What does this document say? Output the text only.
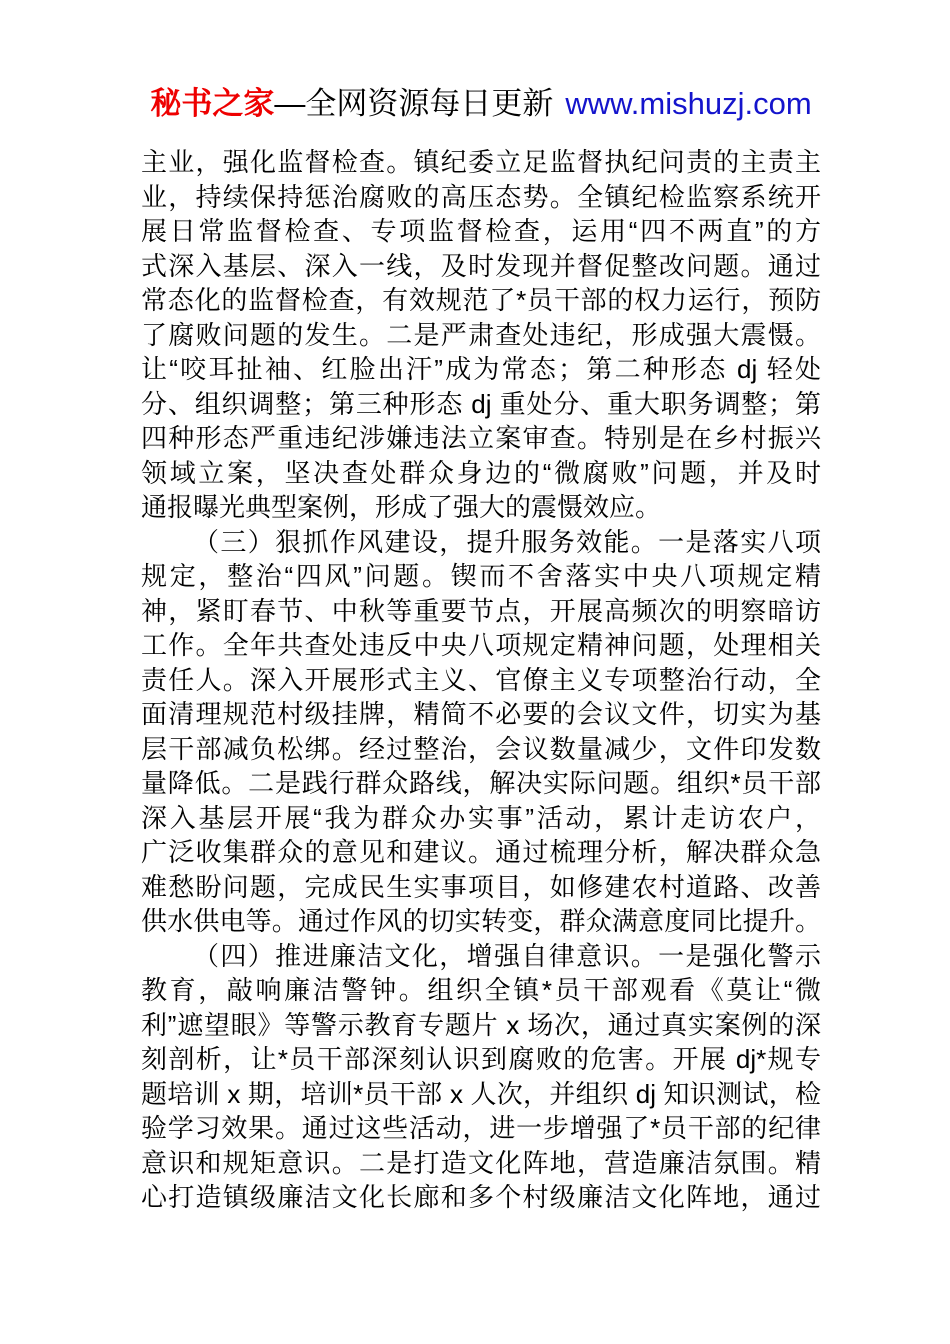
秘书之家—全网资源每日更新 www.mishuzj.com
主业，强化监督检查。镇纪委立足监督执纪问责的主责主
业，持续保持惩治腐败的高压态势。全镇纪检监察系统开
展日常监督检查、专项监督检查，运用“四不两直”的方
式深入基层、深入一线，及时发现并督促整改问题。通过
常态化的监督检查，有效规范了*员干部的权力运行，预防
了腐败问题的发生。二是严肃查处违纪，形成强大震慑。
让“咬耳扯袖、红脸出汗”成为常态；第二种形态 dj 轻处
分、组织调整；第三种形态 dj 重处分、重大职务调整；第
四种形态严重违纪涉嫌违法立案审查。特别是在乡村振兴
领域立案，坚决查处群众身边的“微腐败”问题，并及时
通报曝光典型案例，形成了强大的震慑效应。
（三）狠抓作风建设，提升服务效能。一是落实八项
规定，整治“四风”问题。锲而不舍落实中央八项规定精
神，紧盯春节、中秋等重要节点，开展高频次的明察暗访
工作。全年共查处违反中央八项规定精神问题，处理相关
责任人。深入开展形式主义、官僚主义专项整治行动，全
面清理规范村级挂牌，精简不必要的会议文件，切实为基
层干部减负松绑。经过整治，会议数量减少，文件印发数
量降低。二是践行群众路线，解决实际问题。组织*员干部
深入基层开展“我为群众办实事”活动，累计走访农户，
广泛收集群众的意见和建议。通过梳理分析，解决群众急
难愁盼问题，完成民生实事项目，如修建农村道路、改善
供水供电等。通过作风的切实转变，群众满意度同比提升。
（四）推进廉洁文化，增强自律意识。一是强化警示
教育，敲响廉洁警钟。组织全镇*员干部观看《莫让“微
利”遮望眼》等警示教育专题片 x 场次，通过真实案例的深
刻剖析，让*员干部深刻认识到腐败的危害。开展 dj*规专
题培训 x 期，培训*员干部 x 人次，并组织 dj 知识测试，检
验学习效果。通过这些活动，进一步增强了*员干部的纪律
意识和规矩意识。二是打造文化阵地，营造廉洁氛围。精
心打造镇级廉洁文化长廊和多个村级廉洁文化阵地，通过
